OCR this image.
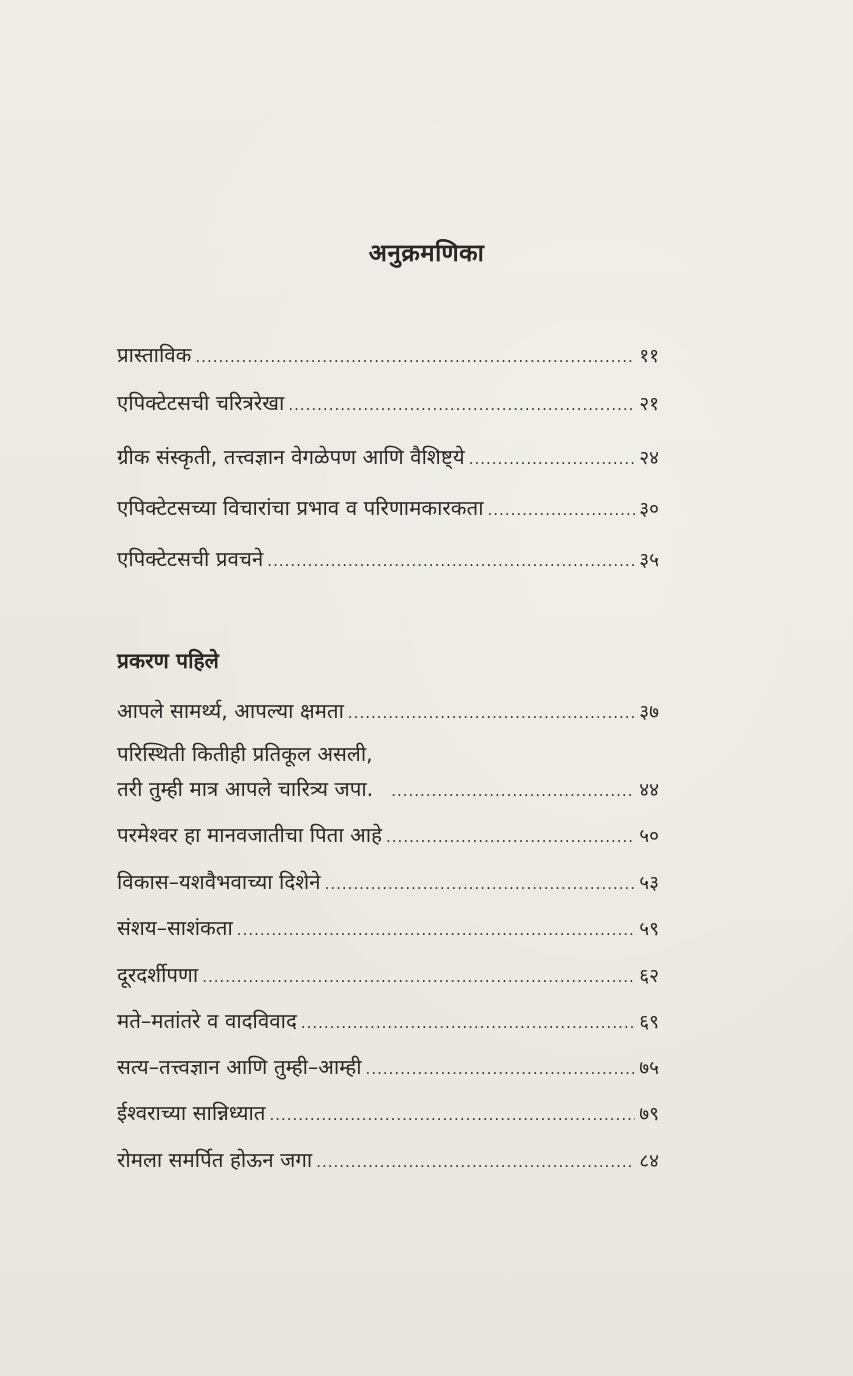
अनुक्रमणिका
प्रास्ताविक .....	११
एपिक्टेटसची चरित्ररेखा .....	२१
ग्रीक संस्कृती, तत्त्वज्ञान वेगळेपण आणि वैशिष्ट्ये .....	२४
एपिक्टेटसच्या विचारांचा प्रभाव व परिणामकारकता .....	३०
एपिक्टेटसची प्रवचने .....	३५
प्रकरण पहिले
आपले सामर्थ्य, आपल्या क्षमता .....	३७
परिस्थिती कितीही प्रतिकूल असली,
तरी तुम्ही मात्र आपले चारित्र्य जपा. .....	४४
परमेश्वर हा मानवजातीचा पिता आहे .....	५०
विकास–यशवैभवाच्या दिशेने .....	५३
संशय–साशंकता .....	५९
दूरदर्शीपणा .....	६२
मते–मतांतरे व वादविवाद .....	६९
सत्य–तत्त्वज्ञान आणि तुम्ही–आम्ही .....	७५
ईश्वराच्या सान्निध्यात .....	७९
रोमला समर्पित होऊन जगा .....	८४
